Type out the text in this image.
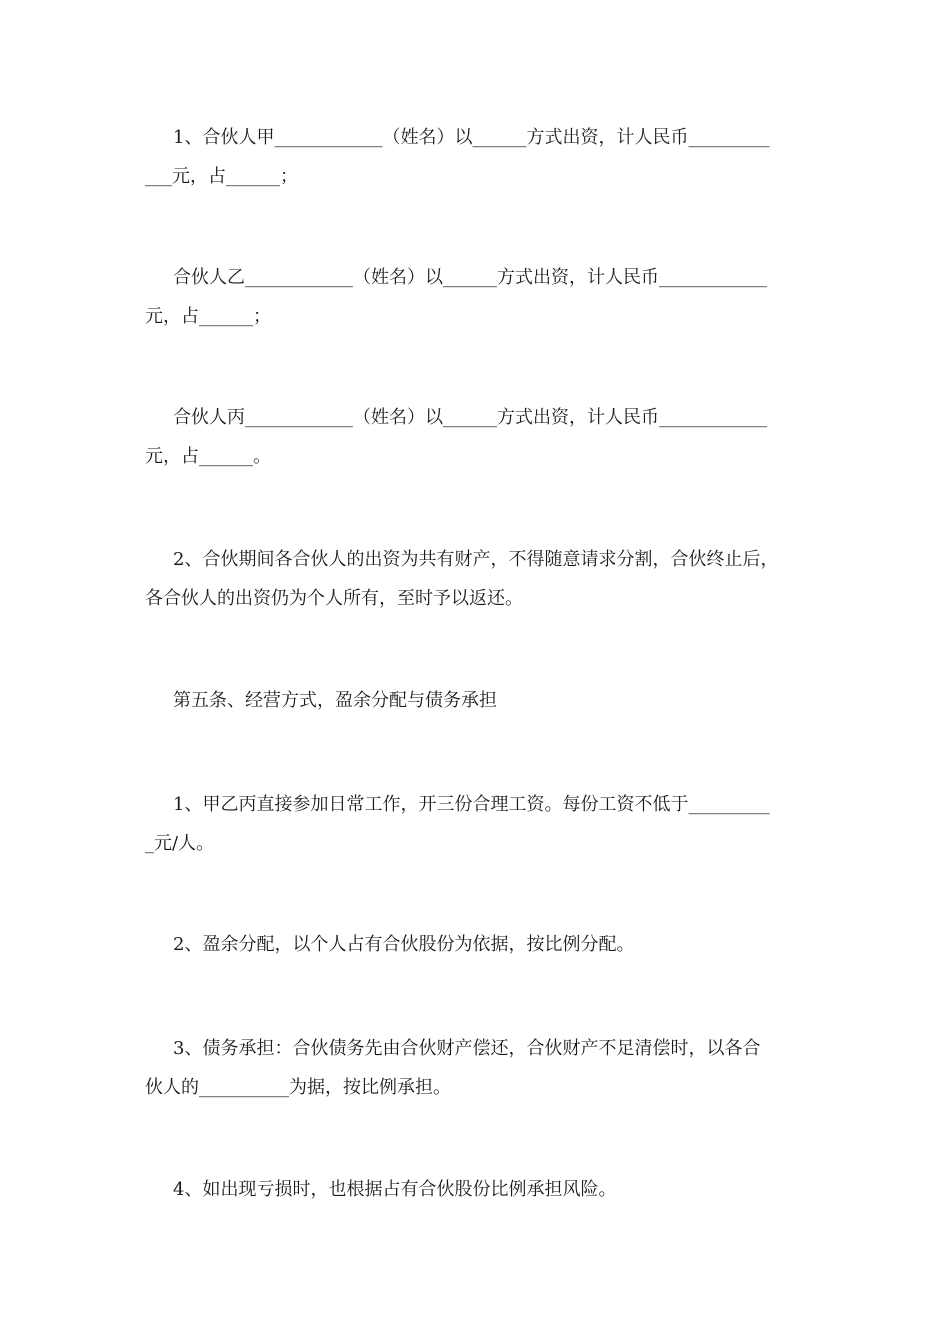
1、合伙人甲____________（姓名）以______方式出资，计人民币_________
___元，占______；
合伙人乙____________（姓名）以______方式出资，计人民币____________
元，占______；
合伙人丙____________（姓名）以______方式出资，计人民币____________
元，占______。
2、合伙期间各合伙人的出资为共有财产，不得随意请求分割，合伙终止后，
各合伙人的出资仍为个人所有，至时予以返还。
第五条、经营方式，盈余分配与债务承担
1、甲乙丙直接参加日常工作，开三份合理工资。每份工资不低于_________
_元/人。
2、盈余分配，以个人占有合伙股份为依据，按比例分配。
3、债务承担：合伙债务先由合伙财产偿还，合伙财产不足清偿时，以各合
伙人的__________为据，按比例承担。
4、如出现亏损时，也根据占有合伙股份比例承担风险。
